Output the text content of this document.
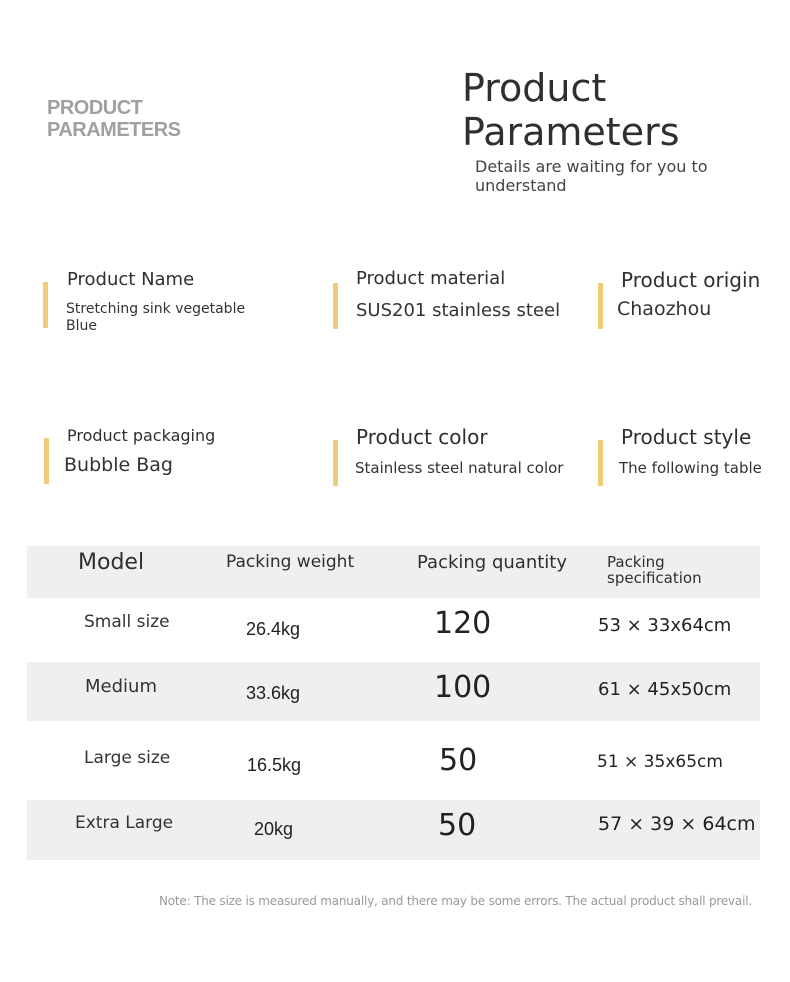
PRODUCT
PARAMETERS
Product
Parameters
Details are waiting for you to understand
Product Name
Stretching sink vegetable
Blue
Product material
SUS201 stainless steel
Product origin
Chaozhou
Product packaging
Bubble Bag
Product color
Stainless steel natural color
Product style
The following table
Model	Packing weight	Packing quantity	Packing
specification
Small size	26.4kg	120	53 × 33x64cm
Medium	33.6kg	100	61 × 45x50cm
Large size	16.5kg	50	51 × 35x65cm
Extra Large	20kg	50	57 × 39 × 64cm
Note: The size is measured manually, and there may be some errors. The actual product shall prevail.
